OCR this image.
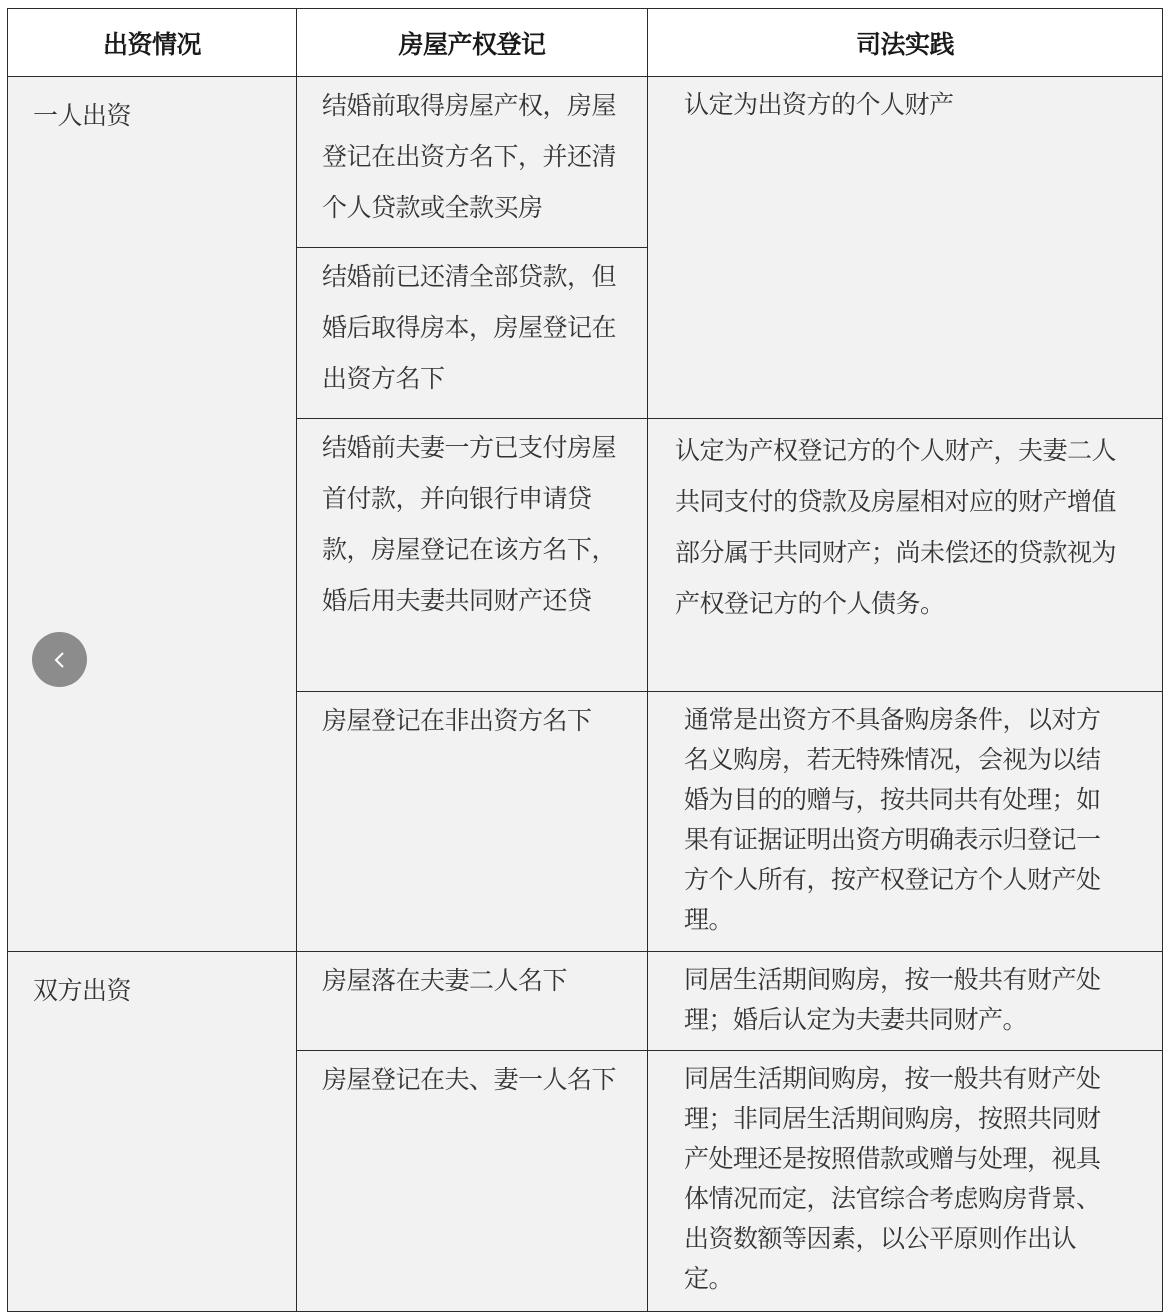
出资情况	房屋产权登记	司法实践
一人出资	结婚前取得房屋产权，房屋登记在出资方名下，并还清个人贷款或全款买房	认定为出资方的个人财产
	结婚前已还清全部贷款，但婚后取得房本，房屋登记在出资方名下	
	结婚前夫妻一方已支付房屋首付款，并向银行申请贷款，房屋登记在该方名下，婚后用夫妻共同财产还贷	认定为产权登记方的个人财产，夫妻二人共同支付的贷款及房屋相对应的财产增值部分属于共同财产；尚未偿还的贷款视为产权登记方的个人债务。
	房屋登记在非出资方名下	通常是出资方不具备购房条件，以对方名义购房，若无特殊情况，会视为以结婚为目的的赠与，按共同共有处理；如果有证据证明出资方明确表示归登记一方个人所有，按产权登记方个人财产处理。
双方出资	房屋落在夫妻二人名下	同居生活期间购房，按一般共有财产处理；婚后认定为夫妻共同财产。
	房屋登记在夫、妻一人名下	同居生活期间购房，按一般共有财产处理；非同居生活期间购房，按照共同财产处理还是按照借款或赠与处理，视具体情况而定，法官综合考虑购房背景、出资数额等因素，以公平原则作出认定。
